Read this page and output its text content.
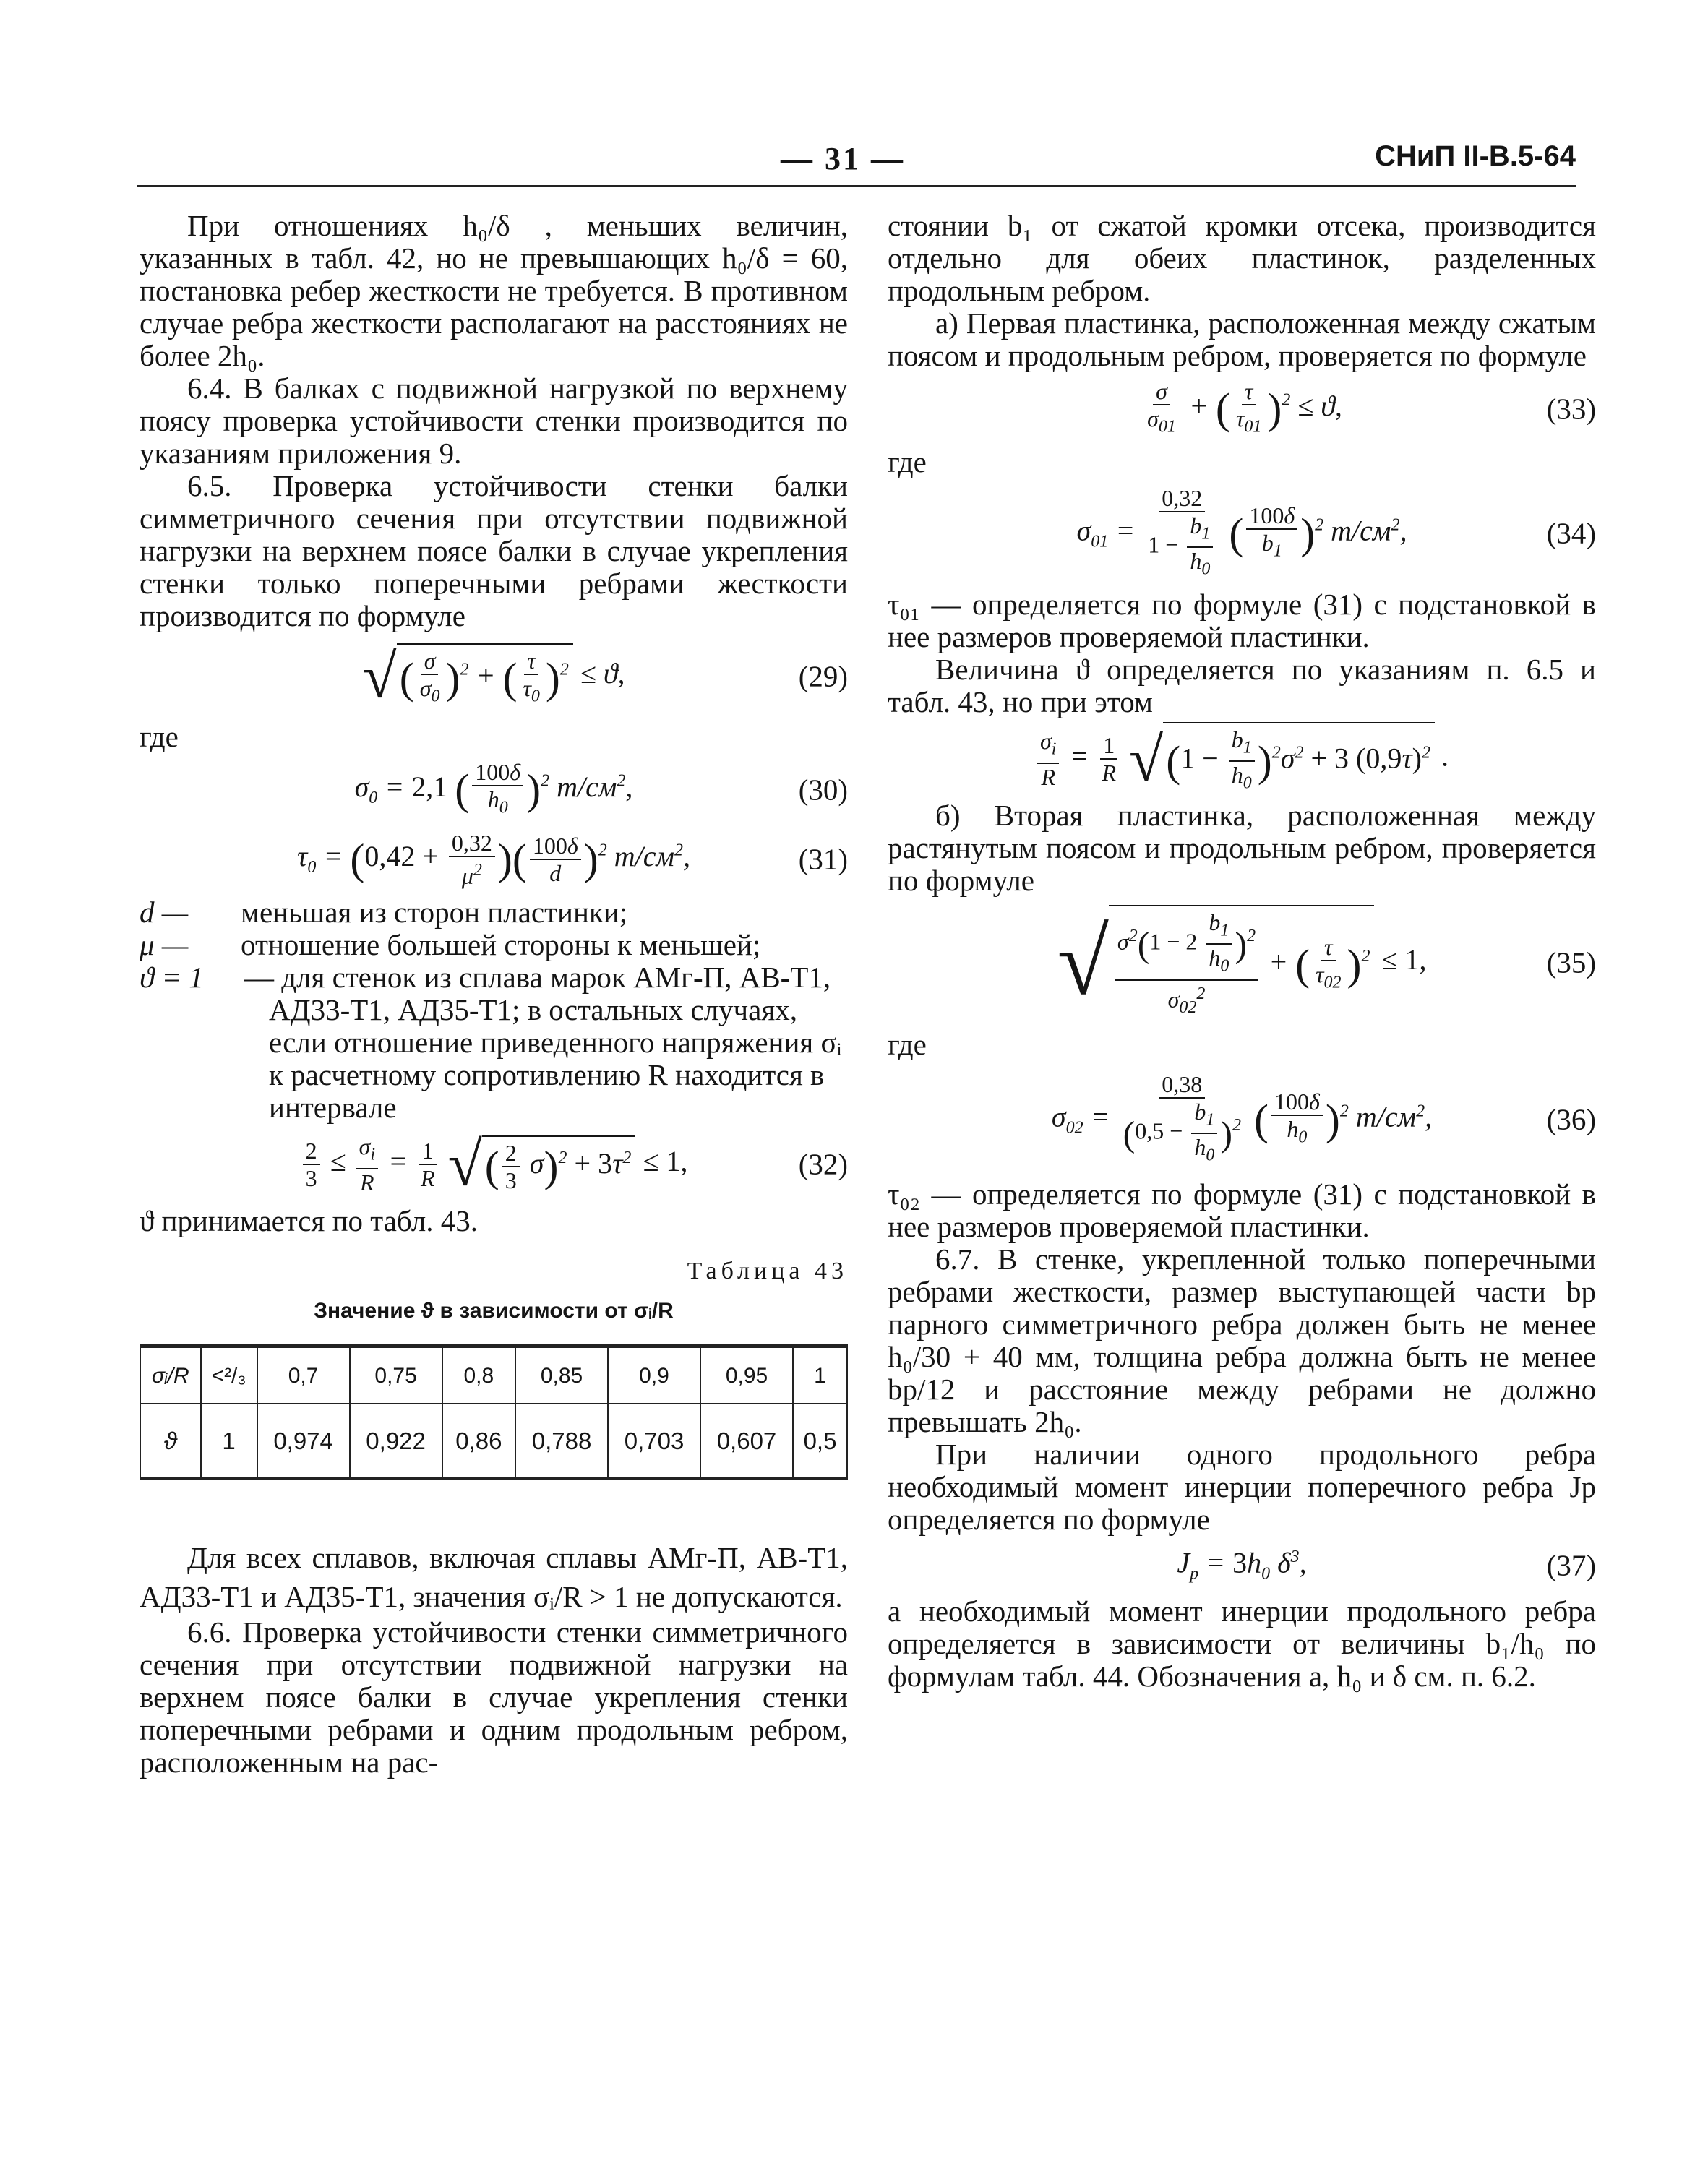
— 31 —	СНиП II-В.5-64

При отношениях h₀/δ , меньших величин, указанных в табл. 42, но не превышающих h₀/δ = 60, постановка ребер жесткости не требуется. В противном случае ребра жесткости располагают на расстояниях не более 2h₀.

6.4. В балках с подвижной нагрузкой по верхнему поясу проверка устойчивости стенки производится по указаниям приложения 9.

6.5. Проверка устойчивости стенки балки симметричного сечения при отсутствии подвижной нагрузки на верхнем поясе балки в случае укрепления стенки только поперечными ребрами жесткости производится по формуле

√( $\frac{\sigma}{\sigma_0} )^2$ + ( $\frac{\tau}{\tau_0} )^2 \le ϑ$,	(29)

где

$\sigma_0 = 2,1$ ( $\frac{100\delta}{h_0} )^2$ $т/см^2$,	(30)
$\tau_0 = (0,42 + \frac{0,32}{\mu^2}$ )( $\frac{100\delta}{d} )^2$ $т/см^2$,	(31)
d — меньшая из сторон пластинки;
μ — отношение большей стороны к меньшей;
ϑ = 1 — для стенок из сплава марок АМг-П, АВ-Т1, АД33-Т1, АД35-Т1; в остальных случаях, если отношение приведенного напряжения σᵢ к расчетному сопротивлению R находится в интервале
$\frac{2}{3} \le \frac{\sigma_i}{R} = \frac{1}{R}$ √( $\frac{2}{3} \sigma)^2 + 3\tau^2 \le 1$,	(32)

ϑ принимается по табл. 43.

Таблица 43
Значение ϑ в зависимости от σᵢ/R
σᵢ/R	<²/₃	0,7	0,75	0,8	0,85	0,9	0,95	1
ϑ	1	0,974	0,922	0,86	0,788	0,703	0,607	0,5

Для всех сплавов, включая сплавы АМг-П, АВ-Т1, АД33-Т1 и АД35-Т1, значения σᵢ/R > 1 не допускаются.

6.6. Проверка устойчивости стенки симметричного сечения при отсутствии подвижной нагрузки на верхнем поясе балки в случае укрепления стенки поперечными ребрами и одним продольным ребром, расположенным на рас-

стоянии b₁ от сжатой кромки отсека, производится отдельно для обеих пластинок, разделенных продольным ребром.

а) Первая пластинка, расположенная между сжатым поясом и продольным ребром, проверяется по формуле

$\frac{\sigma}{\sigma_{01}}$ + ( $\frac{\tau}{\tau_{01}} )^2 \le ϑ$,	(33)

где

$\sigma_{01} = \frac{0,32}{1 - \frac{b_1}{h_0}}$ ( $\frac{100\delta}{b_1} )^2$ $т/см^2$,	(34)

τ₀₁ — определяется по формуле (31) с подстановкой в нее размеров проверяемой пластинки.

Величина ϑ определяется по указаниям п. 6.5 и табл. 43, но при этом

$\frac{\sigma_i}{R} = \frac{1}{R} √(1 - \frac{b_1}{h_0} )^2\sigma^2 + 3$ $(0,9\tau)^2$ .

б) Вторая пластинка, расположенная между растянутым поясом и продольным ребром, проверяется по формуле

√ $\frac{\sigma^2(1 - 2 \frac{b_1}{h_0} )^2}{\sigma_{02}^2}$ + ( $\frac{\tau}{\tau_{02}} )^2 \le 1$,	(35)

где

$\sigma_{02} = \frac{0,38}{(0,5 - \frac{b_1}{h_0} )^2}$ ( $\frac{100\delta}{h_0} )^2$ $т/см^2$,	(36)

τ₀₂ — определяется по формуле (31) с подстановкой в нее размеров проверяемой пластинки.

6.7. В стенке, укрепленной только поперечными ребрами жесткости, размер выступающей части bр парного симметричного ребра должен быть не менее h₀/30 + 40 мм, толщина ребра должна быть не менее bр/12 и расстояние между ребрами не должно превышать 2h₀.

При наличии одного продольного ребра необходимый момент инерции поперечного ребра Jр определяется по формуле

$J_р = 3h_0$ $\delta^3$,	(37)

а необходимый момент инерции продольного ребра определяется в зависимости от величины b₁/h₀ по формулам табл. 44. Обозначения a, h₀ и δ см. п. 6.2.
